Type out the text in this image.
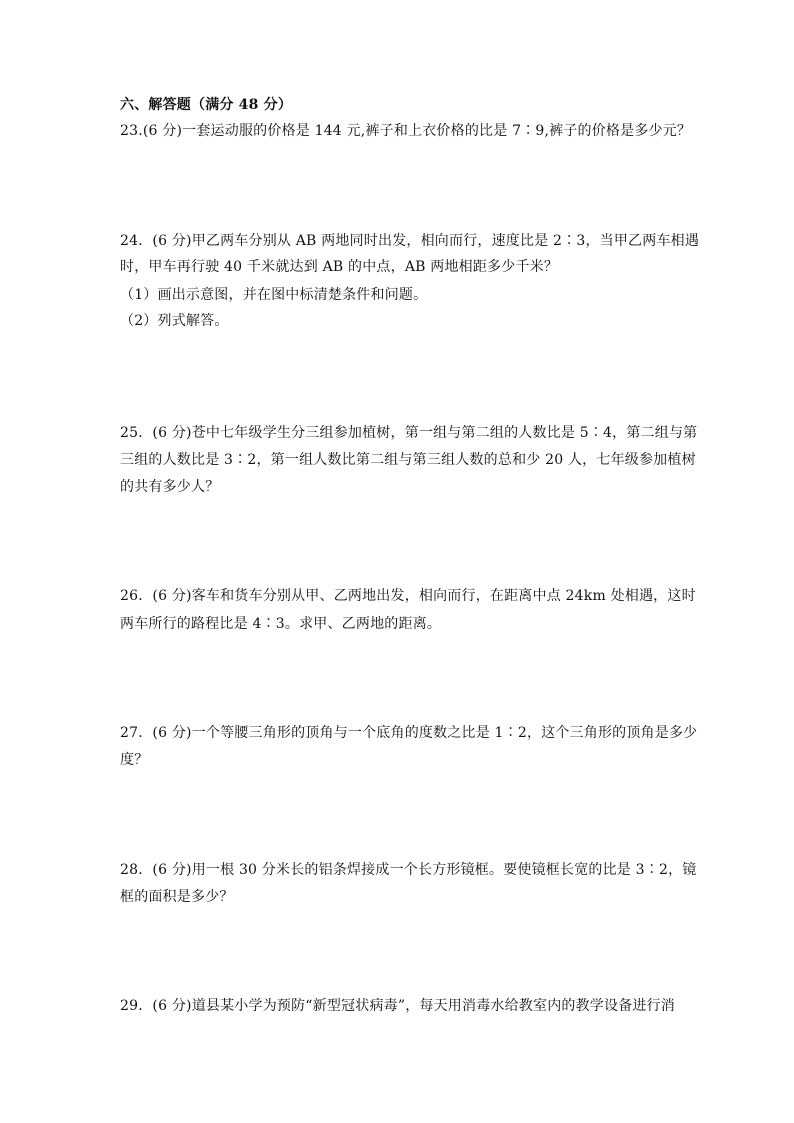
六、解答题（满分 48 分）
23.(6 分)一套运动服的价格是 144 元,裤子和上衣价格的比是 7∶9,裤子的价格是多少元？
24．(6 分)甲乙两车分别从 AB 两地同时出发，相向而行，速度比是 2∶3，当甲乙两车相遇
时，甲车再行驶 40 千米就达到 AB 的中点，AB 两地相距多少千米？
（1）画出示意图，并在图中标清楚条件和问题。
（2）列式解答。
25．(6 分)苍中七年级学生分三组参加植树，第一组与第二组的人数比是 5∶4，第二组与第
三组的人数比是 3∶2，第一组人数比第二组与第三组人数的总和少 20 人，七年级参加植树
的共有多少人？
26．(6 分)客车和货车分别从甲、乙两地出发，相向而行，在距离中点 24km 处相遇，这时
两车所行的路程比是 4∶3。求甲、乙两地的距离。
27．(6 分)一个等腰三角形的顶角与一个底角的度数之比是 1∶2，这个三角形的顶角是多少
度？
28．(6 分)用一根 30 分米长的铝条焊接成一个长方形镜框。要使镜框长宽的比是 3∶2，镜
框的面积是多少？
29．(6 分)道县某小学为预防“新型冠状病毒”，每天用消毒水给教室内的教学设备进行消
